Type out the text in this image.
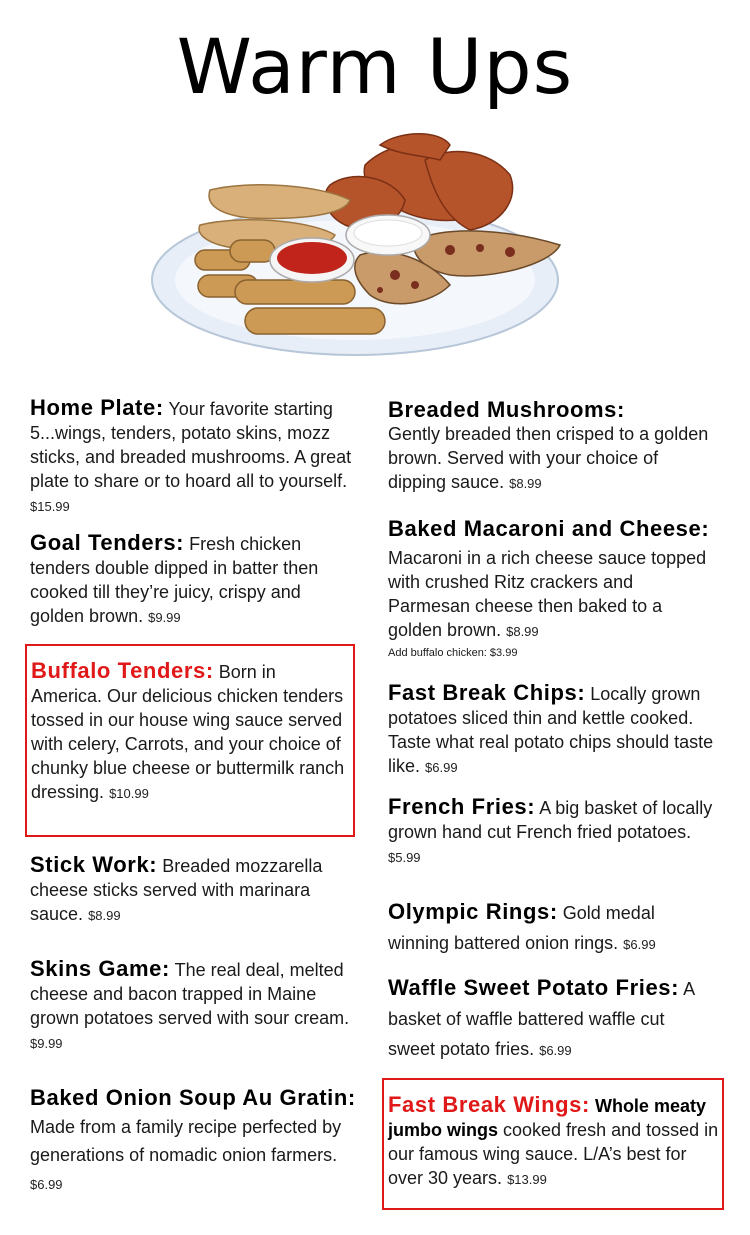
Warm Ups
Home Plate: Your favorite starting 5...wings, tenders, potato skins, mozz sticks, and breaded mushrooms. A great plate to share or to hoard all to yourself. $15.99
Goal Tenders: Fresh chicken tenders double dipped in batter then cooked till they’re juicy, crispy and golden brown. $9.99
Buffalo Tenders: Born in America. Our delicious chicken tenders tossed in our house wing sauce served with celery, Carrots, and your choice of chunky blue cheese or buttermilk ranch dressing. $10.99
Stick Work: Breaded mozzarella cheese sticks served with marinara sauce. $8.99
Skins Game: The real deal, melted cheese and bacon trapped in Maine grown potatoes served with sour cream. $9.99
Baked Onion Soup Au Gratin: Made from a family recipe perfected by generations of nomadic onion farmers. $6.99
Breaded Mushrooms:
Gently breaded then crisped to a golden brown. Served with your choice of dipping sauce. $8.99
Baked Macaroni and Cheese: Macaroni in a rich cheese sauce topped with crushed Ritz crackers and Parmesan cheese then baked to a golden brown. $8.99
Add buffalo chicken: $3.99
Fast Break Chips: Locally grown potatoes sliced thin and kettle cooked. Taste what real potato chips should taste like. $6.99
French Fries: A big basket of locally grown hand cut French fried potatoes. $5.99
Olympic Rings: Gold medal winning battered onion rings. $6.99
Waffle Sweet Potato Fries: A basket of waffle battered waffle cut sweet potato fries. $6.99
Fast Break Wings: Whole meaty jumbo wings cooked fresh and tossed in our famous wing sauce. L/A’s best for over 30 years. $13.99
